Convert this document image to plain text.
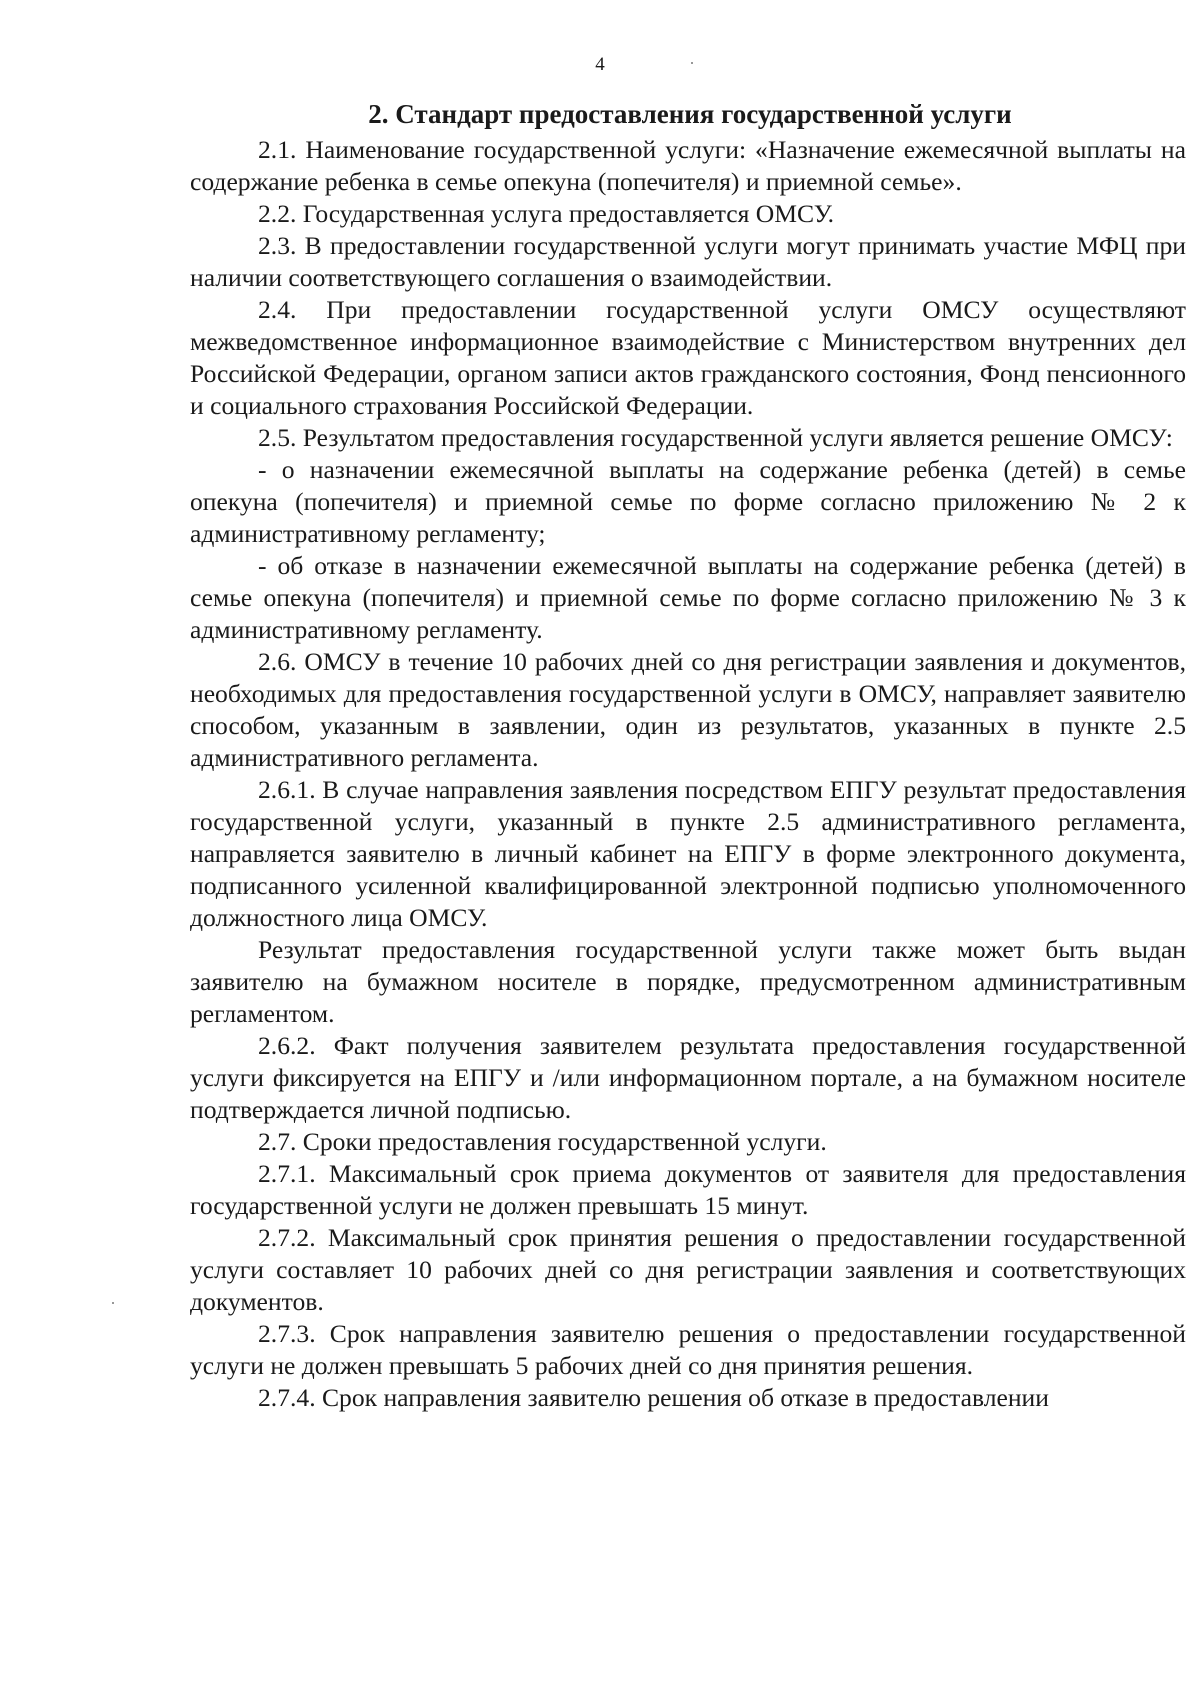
4
2. Стандарт предоставления государственной услуги

2.1. Наименование государственной услуги: «Назначение ежемесячной выплаты на содержание ребенка в семье опекуна (попечителя) и приемной семье».

2.2. Государственная услуга предоставляется ОМСУ.

2.3. В предоставлении государственной услуги могут принимать участие МФЦ при наличии соответствующего соглашения о взаимодействии.

2.4. При предоставлении государственной услуги ОМСУ осуществляют межведомственное информационное взаимодействие с Министерством внутренних дел Российской Федерации, органом записи актов гражданского состояния, Фонд пенсионного и социального страхования Российской Федерации.

2.5. Результатом предоставления государственной услуги является решение ОМСУ:

- о назначении ежемесячной выплаты на содержание ребенка (детей) в семье опекуна (попечителя) и приемной семье по форме согласно приложению № 2 к административному регламенту;

- об отказе в назначении ежемесячной выплаты на содержание ребенка (детей) в семье опекуна (попечителя) и приемной семье по форме согласно приложению № 3 к административному регламенту.

2.6. ОМСУ в течение 10 рабочих дней со дня регистрации заявления и документов, необходимых для предоставления государственной услуги в ОМСУ, направляет заявителю способом, указанным в заявлении, один из результатов, указанных в пункте 2.5 административного регламента.

2.6.1. В случае направления заявления посредством ЕПГУ результат предоставления государственной услуги, указанный в пункте 2.5 административного регламента, направляется заявителю в личный кабинет на ЕПГУ в форме электронного документа, подписанного усиленной квалифицированной электронной подписью уполномоченного должностного лица ОМСУ.

Результат предоставления государственной услуги также может быть выдан заявителю на бумажном носителе в порядке, предусмотренном административным регламентом.

2.6.2. Факт получения заявителем результата предоставления государственной услуги фиксируется на ЕПГУ и /или информационном портале, а на бумажном носителе подтверждается личной подписью.

2.7. Сроки предоставления государственной услуги.

2.7.1. Максимальный срок приема документов от заявителя для предоставления государственной услуги не должен превышать 15 минут.

2.7.2. Максимальный срок принятия решения о предоставлении государственной услуги составляет 10 рабочих дней со дня регистрации заявления и соответствующих документов.

2.7.3. Срок направления заявителю решения о предоставлении государственной услуги не должен превышать 5 рабочих дней со дня принятия решения.

2.7.4. Срок направления заявителю решения об отказе в предоставлении
